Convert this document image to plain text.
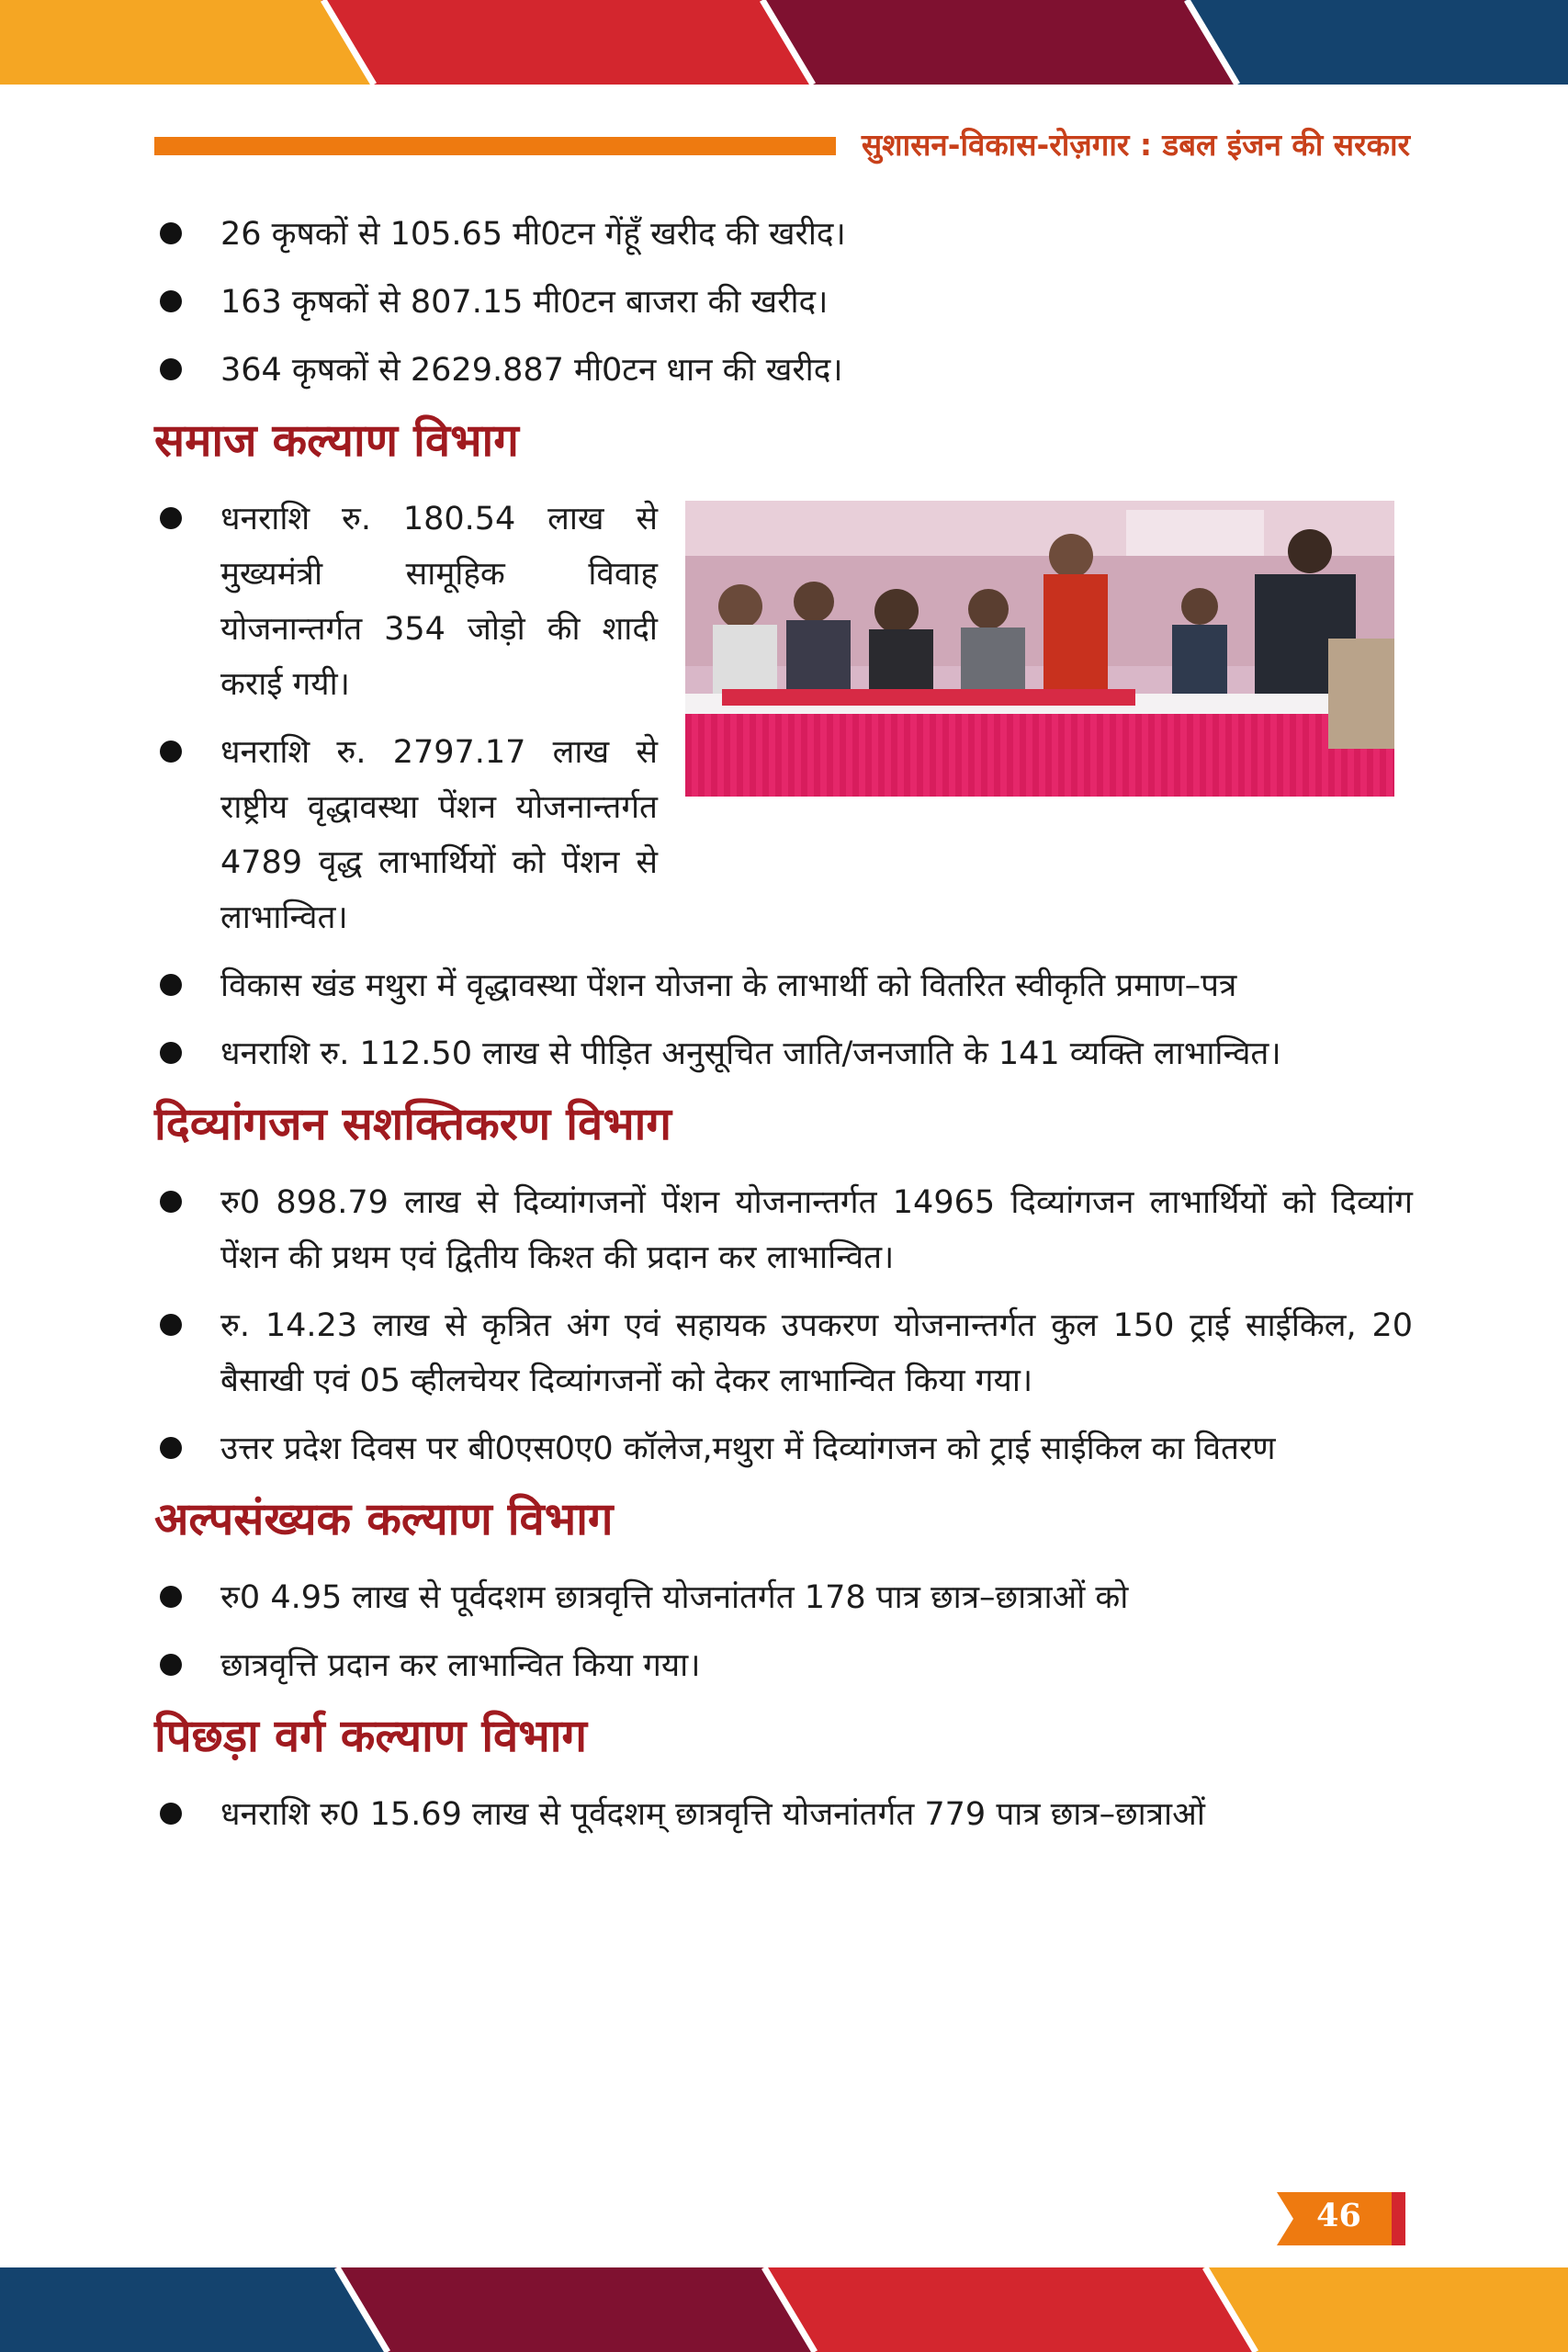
सुशासन-विकास-रोज़गार : डबल इंजन की सरकार
26 कृषकों से 105.65 मी0टन गेंहूँ खरीद की खरीद।
163 कृषकों से 807.15 मी0टन बाजरा की खरीद।
364 कृषकों से 2629.887 मी0टन धान की खरीद।
समाज कल्याण विभाग
धनराशि रु. 180.54 लाख से मुख्यमंत्री सामूहिक विवाह योजनान्तर्गत 354 जोड़ो की शादी कराई गयी।
धनराशि रु. 2797.17 लाख से राष्ट्रीय वृद्धावस्था पेंशन योजनान्तर्गत 4789 वृद्ध लाभार्थियों को पेंशन से लाभान्वित।
विकास खंड मथुरा में वृद्धावस्था पेंशन योजना के लाभार्थी को वितरित स्वीकृति प्रमाण–पत्र
धनराशि रु. 112.50 लाख से पीड़ित अनुसूचित जाति/जनजाति के 141 व्यक्ति लाभान्वित।
दिव्यांगजन सशक्तिकरण विभाग
रु0 898.79 लाख से दिव्यांगजनों पेंशन योजनान्तर्गत 14965 दिव्यांगजन लाभार्थियों को दिव्यांग पेंशन की प्रथम एवं द्वितीय किश्त की प्रदान कर लाभान्वित।
रु. 14.23 लाख से कृत्रित अंग एवं सहायक उपकरण योजनान्तर्गत कुल 150 ट्राई साईकिल, 20 बैसाखी एवं 05 व्हीलचेयर दिव्यांगजनों को देकर लाभान्वित किया गया।
उत्तर प्रदेश दिवस पर बी0एस0ए0 कॉलेज,मथुरा में दिव्यांगजन को ट्राई साईकिल का वितरण
अल्पसंख्यक कल्याण विभाग
रु0 4.95 लाख से पूर्वदशम छात्रवृत्ति योजनांतर्गत 178 पात्र छात्र–छात्राओं को
छात्रवृत्ति प्रदान कर लाभान्वित किया गया।
पिछड़ा वर्ग कल्याण विभाग
धनराशि रु0 15.69 लाख से पूर्वदशम् छात्रवृत्ति योजनांतर्गत 779 पात्र छात्र–छात्राओं
46
